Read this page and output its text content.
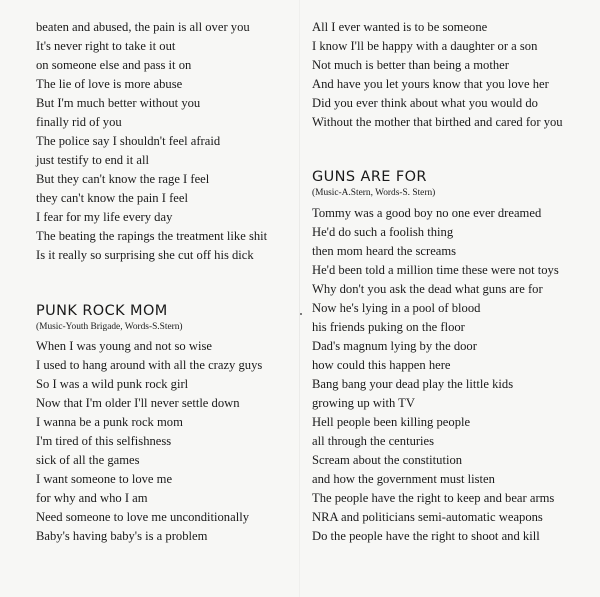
beaten and abused, the pain is all over you
It's never right to take it out
on someone else and pass it on
The lie of love is more abuse
But I'm much better without you
finally rid of you
The police say I shouldn't feel afraid
just testify to end it all
But they can't know the rage I feel
they can't know the pain I feel
I fear for my life every day
The beating the rapings the treatment like shit
Is it really so surprising she cut off his dick
PUNK ROCK MOM
(Music-Youth Brigade, Words-S.Stern)
When I was young and not so wise
I used to hang around with all the crazy guys
So I was a wild punk rock girl
Now that I'm older I'll never settle down
I wanna be a punk rock mom
I'm tired of this selfishness
sick of all the games
I want someone to love me
for why and who I am
Need someone to love me unconditionally
Baby's having baby's is a problem
All I ever wanted is to be someone
I know I'll be happy with a daughter or a son
Not much is better than being a mother
And have you let yours know that you love her
Did you ever think about what you would do
Without the mother that birthed and cared for you
GUNS ARE FOR
(Music-A.Stern, Words-S. Stern)
Tommy was a good boy no one ever dreamed
He'd do such a foolish thing
then mom heard the screams
He'd been told a million time these were not toys
Why don't you ask the dead what guns are for
Now he's lying in a pool of blood
his friends puking on the floor
Dad's magnum lying by the door
how could this happen here
Bang bang your dead play the little kids
growing up with TV
Hell people been killing people
all through the centuries
Scream about the constitution
and how the government must listen
The people have the right to keep and bear arms
NRA and politicians semi-automatic weapons
Do the people have the right to shoot and kill
